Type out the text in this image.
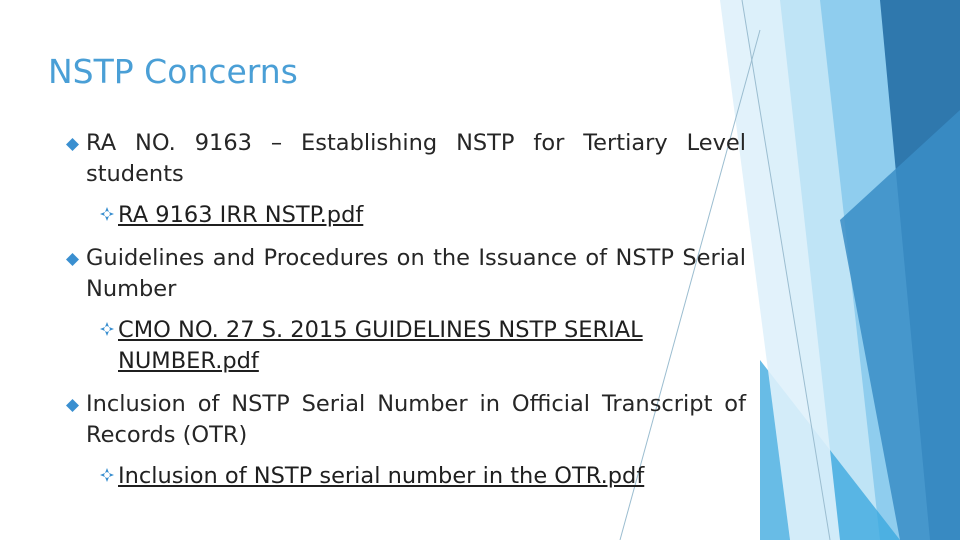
NSTP Concerns
RA NO. 9163 – Establishing NSTP for Tertiary Level students
RA 9163 IRR NSTP.pdf
Guidelines and Procedures on the Issuance of NSTP Serial Number
CMO NO. 27 S. 2015 GUIDELINES NSTP SERIAL NUMBER.pdf
Inclusion of NSTP Serial Number in Official Transcript of Records (OTR)
Inclusion of NSTP serial number in the OTR.pdf
